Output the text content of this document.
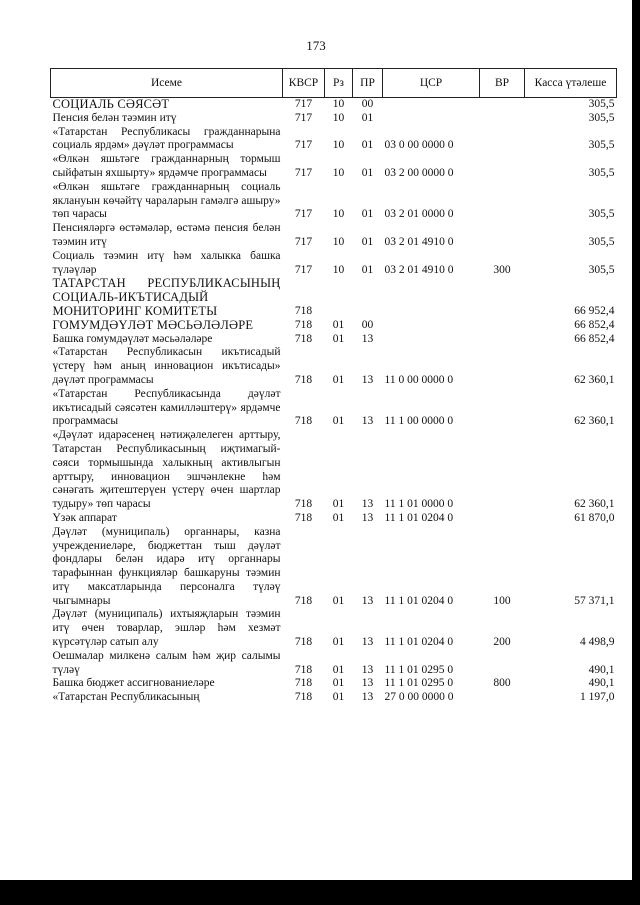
173
Исеме	КВСР	Рз	ПР	ЦСР	ВР	Касса үтәлеше
СОЦИАЛЬ СӘЯСӘТ	717	10	00			305,5
Пенсия белән тәэмин итү	717	10	01			305,5
«Татарстан Республикасы гражданнарына социаль ярдәм» дәүләт программасы	717	10	01	03 0 00 0000 0		305,5
«Өлкән яшьтәге гражданнарның тормыш сыйфатын яхшырту» ярдәмче программасы	717	10	01	03 2 00 0000 0		305,5
«Өлкән яшьтәге гражданнарның социаль яклануын көчәйтү чараларын гамәлгә ашыру» төп чарасы	717	10	01	03 2 01 0000 0		305,5
Пенсияләргә өстәмәләр, өстәмә пенсия белән тәэмин итү	717	10	01	03 2 01 4910 0		305,5
Социаль тәэмин итү һәм халыкка башка түләүләр	717	10	01	03 2 01 4910 0	300	305,5
ТАТАРСТАН РЕСПУБЛИКАСЫНЫҢ СОЦИАЛЬ-ИКЪТИСАДЫЙ МОНИТОРИНГ КОМИТЕТЫ	718					66 952,4
ГОМУМДӘҮЛӘТ МӘСЬӘЛӘЛӘРЕ	718	01	00			66 852,4
Башка гомумдәүләт мәсьәләләре	718	01	13			66 852,4
«Татарстан Республикасын икътисадый үстерү һәм аның инновацион икътисады» дәүләт программасы	718	01	13	11 0 00 0000 0		62 360,1
«Татарстан Республикасында дәүләт икътисадый сәясәтен камилләштерү» ярдәмче программасы	718	01	13	11 1 00 0000 0		62 360,1
«Дәүләт идарәсенең нәтиҗәлелеген арттыру, Татарстан Республикасының иҗтимагый-сәяси тормышында халыкның активлыгын арттыру, инновацион эшчәнлекне һәм сәнәгать җитештерүен үстерү өчен шартлар тудыру» төп чарасы	718	01	13	11 1 01 0000 0		62 360,1
Үзәк аппарат	718	01	13	11 1 01 0204 0		61 870,0
Дәүләт (муниципаль) органнары, казна учреждениеләре, бюджеттан тыш дәүләт фондлары белән идарә итү органнары тарафыннан функцияләр башкаруны тәэмин итү максатларында персоналга түләү чыгымнары	718	01	13	11 1 01 0204 0	100	57 371,1
Дәүләт (муниципаль) ихтыяҗларын тәэмин итү өчен товарлар, эшләр һәм хезмәт күрсәтүләр сатып алу	718	01	13	11 1 01 0204 0	200	4 498,9
Оешмалар милкенә салым һәм җир салымы түләү	718	01	13	11 1 01 0295 0		490,1
Башка бюджет ассигнованиеләре	718	01	13	11 1 01 0295 0	800	490,1
«Татарстан Республикасының	718	01	13	27 0 00 0000 0		1 197,0
